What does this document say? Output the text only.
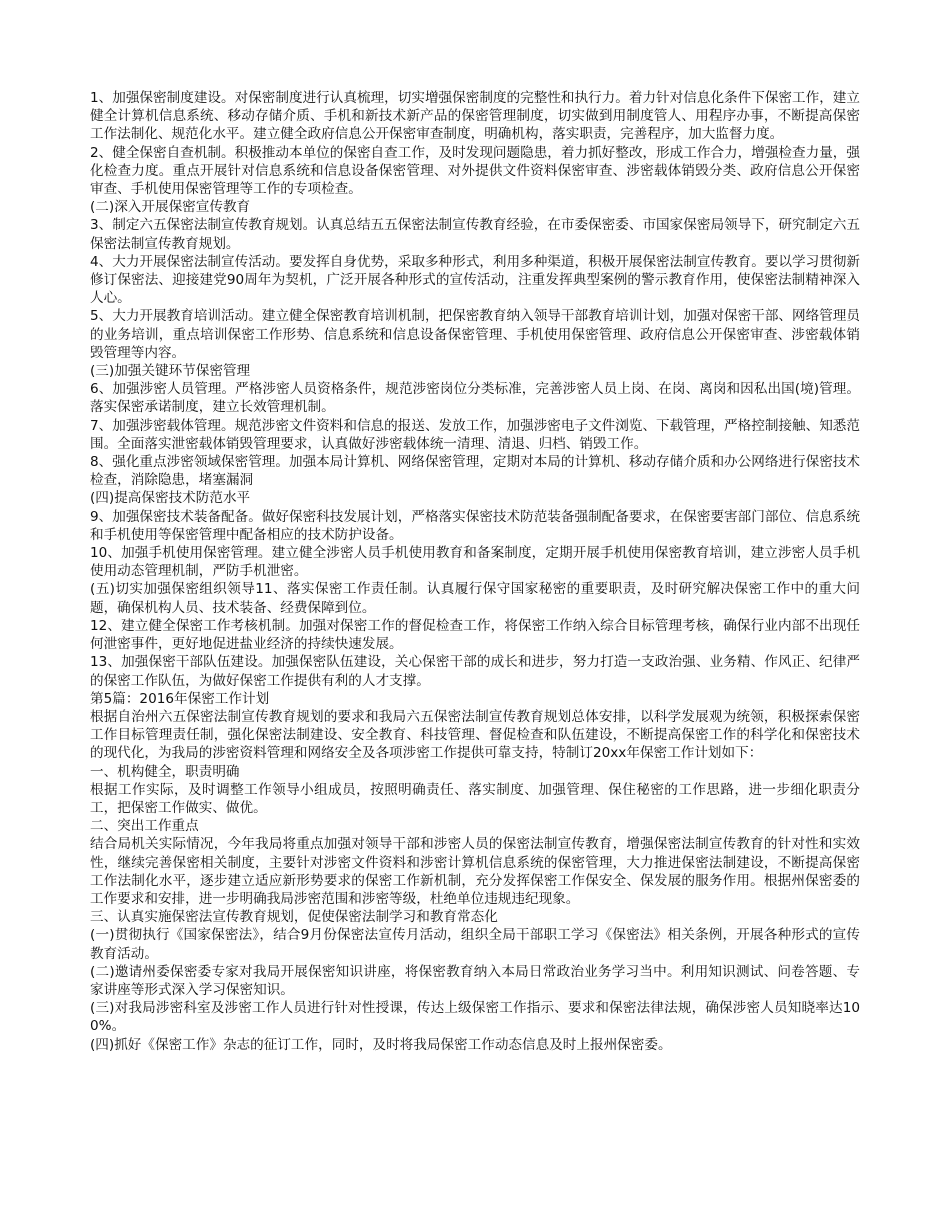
1、加强保密制度建设。对保密制度进行认真梳理，切实增强保密制度的完整性和执行力。着力针对信息化条件下保密工作，建立健全计算机信息系统、移动存储介质、手机和新技术新产品的保密管理制度，切实做到用制度管人、用程序办事，不断提高保密工作法制化、规范化水平。建立健全政府信息公开保密审查制度，明确机构，落实职责，完善程序，加大监督力度。

2、健全保密自查机制。积极推动本单位的保密自查工作，及时发现问题隐患，着力抓好整改，形成工作合力，增强检查力量，强化检查力度。重点开展针对信息系统和信息设备保密管理、对外提供文件资料保密审查、涉密载体销毁分类、政府信息公开保密审查、手机使用保密管理等工作的专项检查。

(二)深入开展保密宣传教育

3、制定六五保密法制宣传教育规划。认真总结五五保密法制宣传教育经验，在市委保密委、市国家保密局领导下，研究制定六五保密法制宣传教育规划。

4、大力开展保密法制宣传活动。要发挥自身优势，采取多种形式，利用多种渠道，积极开展保密法制宣传教育。要以学习贯彻新修订保密法、迎接建党90周年为契机，广泛开展各种形式的宣传活动，注重发挥典型案例的警示教育作用，使保密法制精神深入人心。

5、大力开展教育培训活动。建立健全保密教育培训机制，把保密教育纳入领导干部教育培训计划，加强对保密干部、网络管理员的业务培训，重点培训保密工作形势、信息系统和信息设备保密管理、手机使用保密管理、政府信息公开保密审查、涉密载体销毁管理等内容。

(三)加强关键环节保密管理

6、加强涉密人员管理。严格涉密人员资格条件，规范涉密岗位分类标准，完善涉密人员上岗、在岗、离岗和因私出国(境)管理。落实保密承诺制度，建立长效管理机制。

7、加强涉密载体管理。规范涉密文件资料和信息的报送、发放工作，加强涉密电子文件浏览、下载管理，严格控制接触、知悉范围。全面落实泄密载体销毁管理要求，认真做好涉密载体统一清理、清退、归档、销毁工作。

8、强化重点涉密领域保密管理。加强本局计算机、网络保密管理，定期对本局的计算机、移动存储介质和办公网络进行保密技术检查，消除隐患，堵塞漏洞

(四)提高保密技术防范水平

9、加强保密技术装备配备。做好保密科技发展计划，严格落实保密技术防范装备强制配备要求，在保密要害部门部位、信息系统和手机使用等保密管理中配备相应的技术防护设备。

10、加强手机使用保密管理。建立健全涉密人员手机使用教育和备案制度，定期开展手机使用保密教育培训，建立涉密人员手机使用动态管理机制，严防手机泄密。

(五)切实加强保密组织领导11、落实保密工作责任制。认真履行保守国家秘密的重要职责，及时研究解决保密工作中的重大问题，确保机构人员、技术装备、经费保障到位。

12、建立健全保密工作考核机制。加强对保密工作的督促检查工作，将保密工作纳入综合目标管理考核，确保行业内部不出现任何泄密事件，更好地促进盐业经济的持续快速发展。

13、加强保密干部队伍建设。加强保密队伍建设，关心保密干部的成长和进步，努力打造一支政治强、业务精、作风正、纪律严的保密工作队伍，为做好保密工作提供有利的人才支撑。

第5篇：2016年保密工作计划

根据自治州六五保密法制宣传教育规划的要求和我局六五保密法制宣传教育规划总体安排，以科学发展观为统领，积极探索保密工作目标管理责任制，强化保密法制建设、安全教育、科技管理、督促检查和队伍建设，不断提高保密工作的科学化和保密技术的现代化，为我局的涉密资料管理和网络安全及各项涉密工作提供可靠支持，特制订20xx年保密工作计划如下：

一、机构健全，职责明确

根据工作实际，及时调整工作领导小组成员，按照明确责任、落实制度、加强管理、保住秘密的工作思路，进一步细化职责分工，把保密工作做实、做优。

二、突出工作重点

结合局机关实际情况，今年我局将重点加强对领导干部和涉密人员的保密法制宣传教育，增强保密法制宣传教育的针对性和实效性，继续完善保密相关制度，主要针对涉密文件资料和涉密计算机信息系统的保密管理，大力推进保密法制建设，不断提高保密工作法制化水平，逐步建立适应新形势要求的保密工作新机制，充分发挥保密工作保安全、保发展的服务作用。根据州保密委的工作要求和安排，进一步明确我局涉密范围和涉密等级，杜绝单位违规违纪现象。

三、认真实施保密法宣传教育规划，促使保密法制学习和教育常态化

(一)贯彻执行《国家保密法》，结合9月份保密法宣传月活动，组织全局干部职工学习《保密法》相关条例，开展各种形式的宣传教育活动。

(二)邀请州委保密委专家对我局开展保密知识讲座，将保密教育纳入本局日常政治业务学习当中。利用知识测试、问卷答题、专家讲座等形式深入学习保密知识。

(三)对我局涉密科室及涉密工作人员进行针对性授课，传达上级保密工作指示、要求和保密法律法规，确保涉密人员知晓率达100%。

(四)抓好《保密工作》杂志的征订工作，同时，及时将我局保密工作动态信息及时上报州保密委。
